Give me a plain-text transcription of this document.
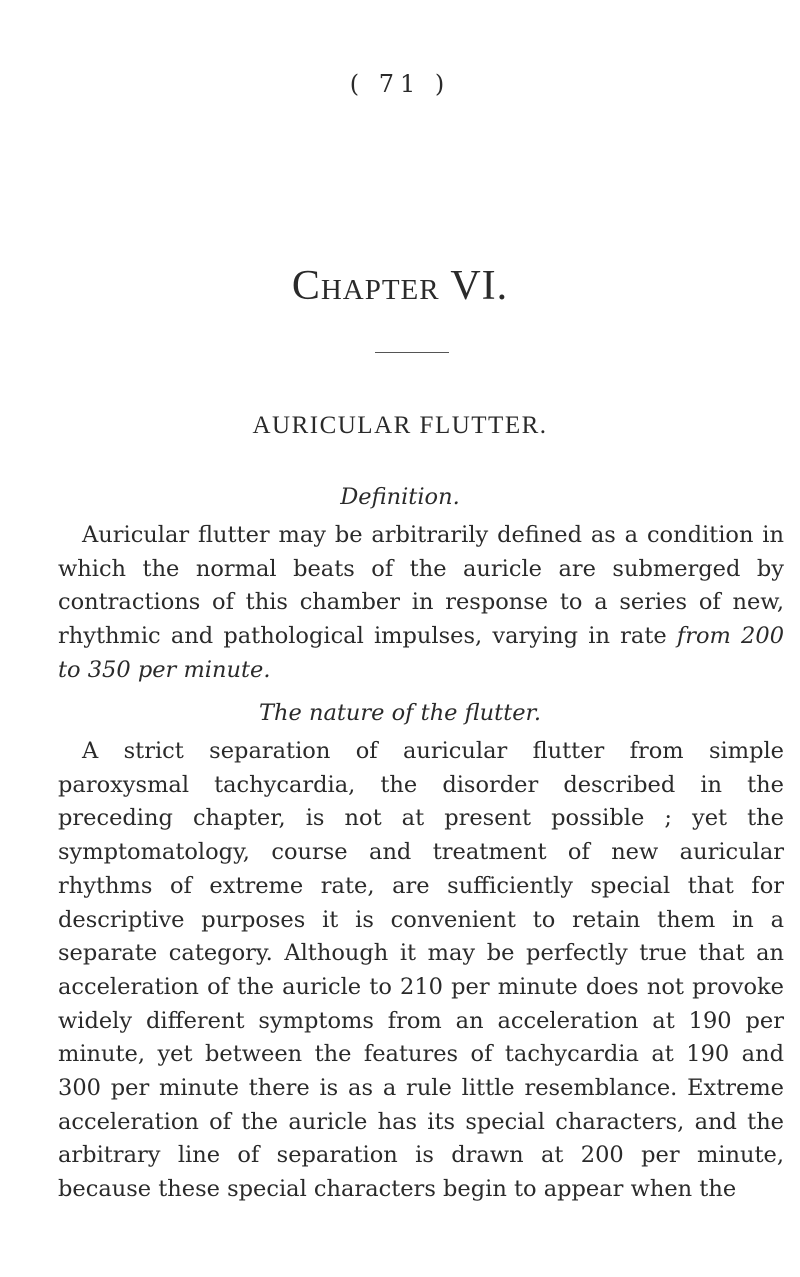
( 71 )
Chapter VI.
AURICULAR FLUTTER.
Definition.

Auricular flutter may be arbitrarily defined as a condition in which the normal beats of the auricle are submerged by contractions of this chamber in response to a series of new, rhythmic and pathological impulses, varying in rate from 200 to 350 per minute.

The nature of the flutter.

A strict separation of auricular flutter from simple paroxysmal tachycardia, the disorder described in the preceding chapter, is not at present possible ; yet the symptomatology, course and treatment of new auricular rhythms of extreme rate, are sufficiently special that for descriptive purposes it is convenient to retain them in a separate category. Although it may be perfectly true that an acceleration of the auricle to 210 per minute does not provoke widely different symptoms from an acceleration at 190 per minute, yet between the features of tachycardia at 190 and 300 per minute there is as a rule little resemblance. Extreme acceleration of the auricle has its special characters, and the arbitrary line of separation is drawn at 200 per minute, because these special characters begin to appear when the
